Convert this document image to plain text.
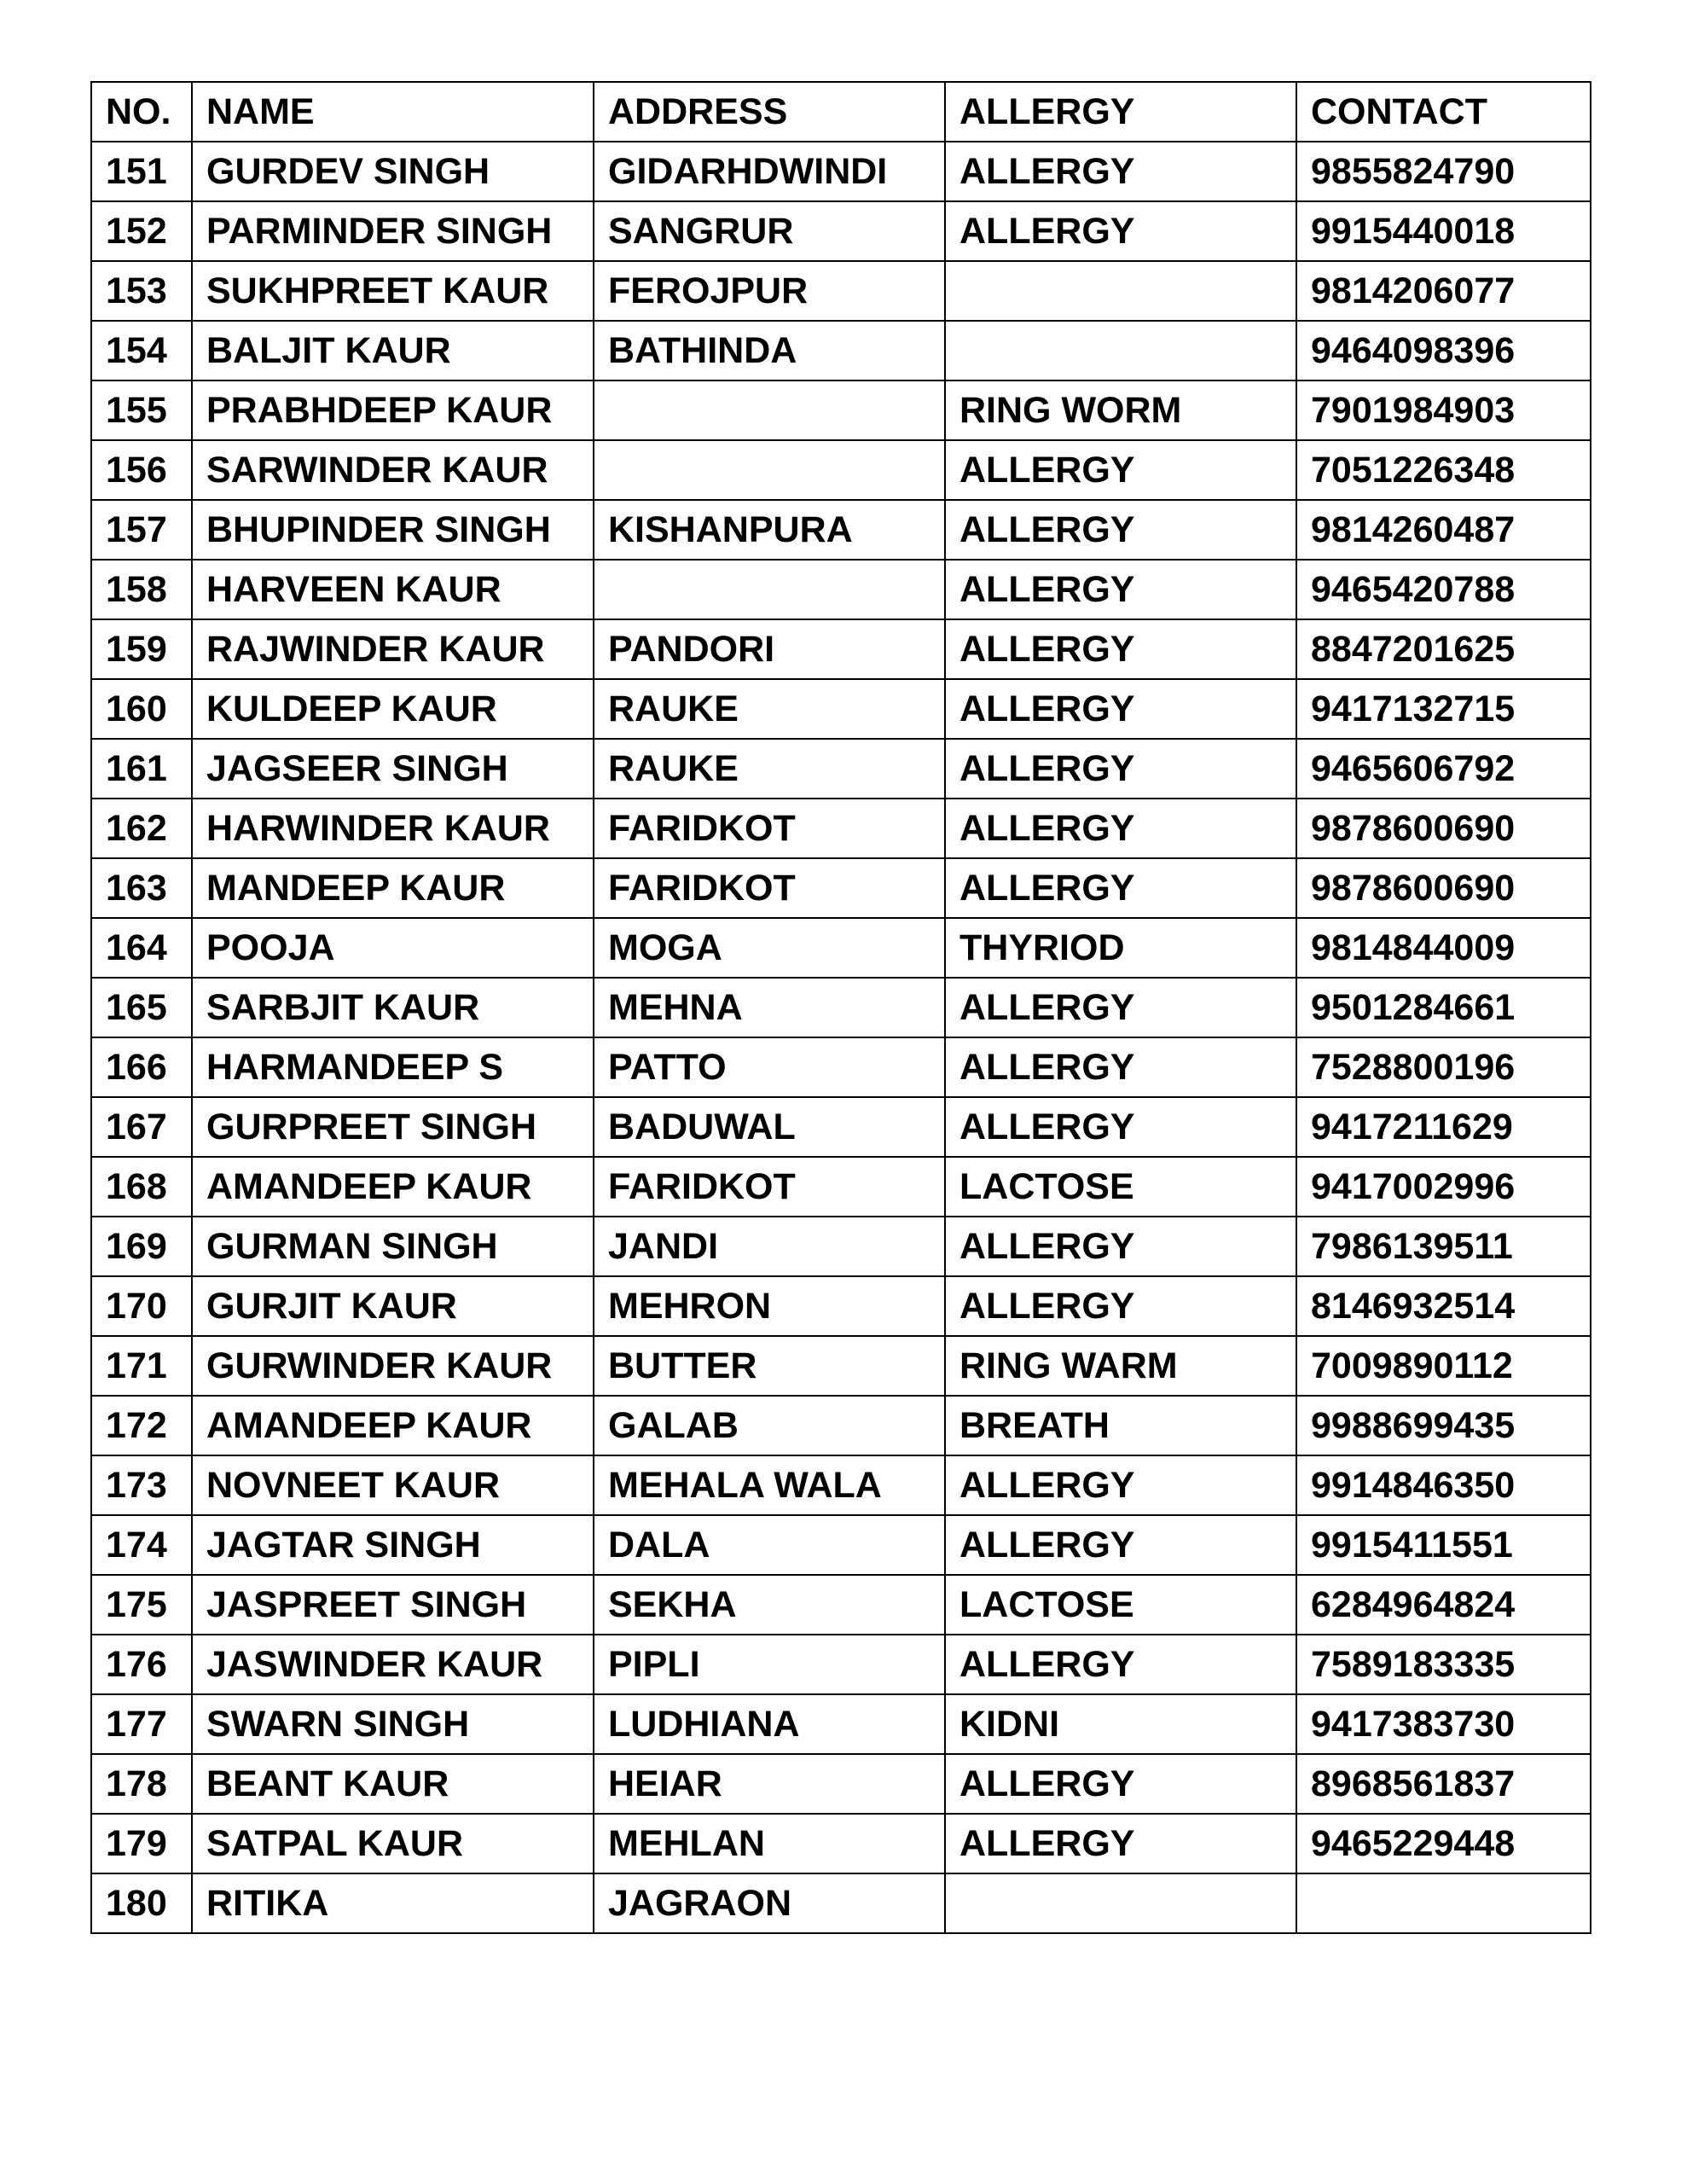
NO.	NAME	ADDRESS	ALLERGY	CONTACT
151	GURDEV SINGH	GIDARHDWINDI	ALLERGY	9855824790
152	PARMINDER SINGH	SANGRUR	ALLERGY	9915440018
153	SUKHPREET KAUR	FEROJPUR		9814206077
154	BALJIT KAUR	BATHINDA		9464098396
155	PRABHDEEP KAUR		RING WORM	7901984903
156	SARWINDER KAUR		ALLERGY	7051226348
157	BHUPINDER SINGH	KISHANPURA	ALLERGY	9814260487
158	HARVEEN KAUR		ALLERGY	9465420788
159	RAJWINDER KAUR	PANDORI	ALLERGY	8847201625
160	KULDEEP KAUR	RAUKE	ALLERGY	9417132715
161	JAGSEER SINGH	RAUKE	ALLERGY	9465606792
162	HARWINDER KAUR	FARIDKOT	ALLERGY	9878600690
163	MANDEEP KAUR	FARIDKOT	ALLERGY	9878600690
164	POOJA	MOGA	THYRIOD	9814844009
165	SARBJIT KAUR	MEHNA	ALLERGY	9501284661
166	HARMANDEEP S	PATTO	ALLERGY	7528800196
167	GURPREET SINGH	BADUWAL	ALLERGY	9417211629
168	AMANDEEP KAUR	FARIDKOT	LACTOSE	9417002996
169	GURMAN SINGH	JANDI	ALLERGY	7986139511
170	GURJIT KAUR	MEHRON	ALLERGY	8146932514
171	GURWINDER KAUR	BUTTER	RING WARM	7009890112
172	AMANDEEP KAUR	GALAB	BREATH	9988699435
173	NOVNEET KAUR	MEHALA WALA	ALLERGY	9914846350
174	JAGTAR SINGH	DALA	ALLERGY	9915411551
175	JASPREET SINGH	SEKHA	LACTOSE	6284964824
176	JASWINDER KAUR	PIPLI	ALLERGY	7589183335
177	SWARN SINGH	LUDHIANA	KIDNI	9417383730
178	BEANT KAUR	HEIAR	ALLERGY	8968561837
179	SATPAL KAUR	MEHLAN	ALLERGY	9465229448
180	RITIKA	JAGRAON		
